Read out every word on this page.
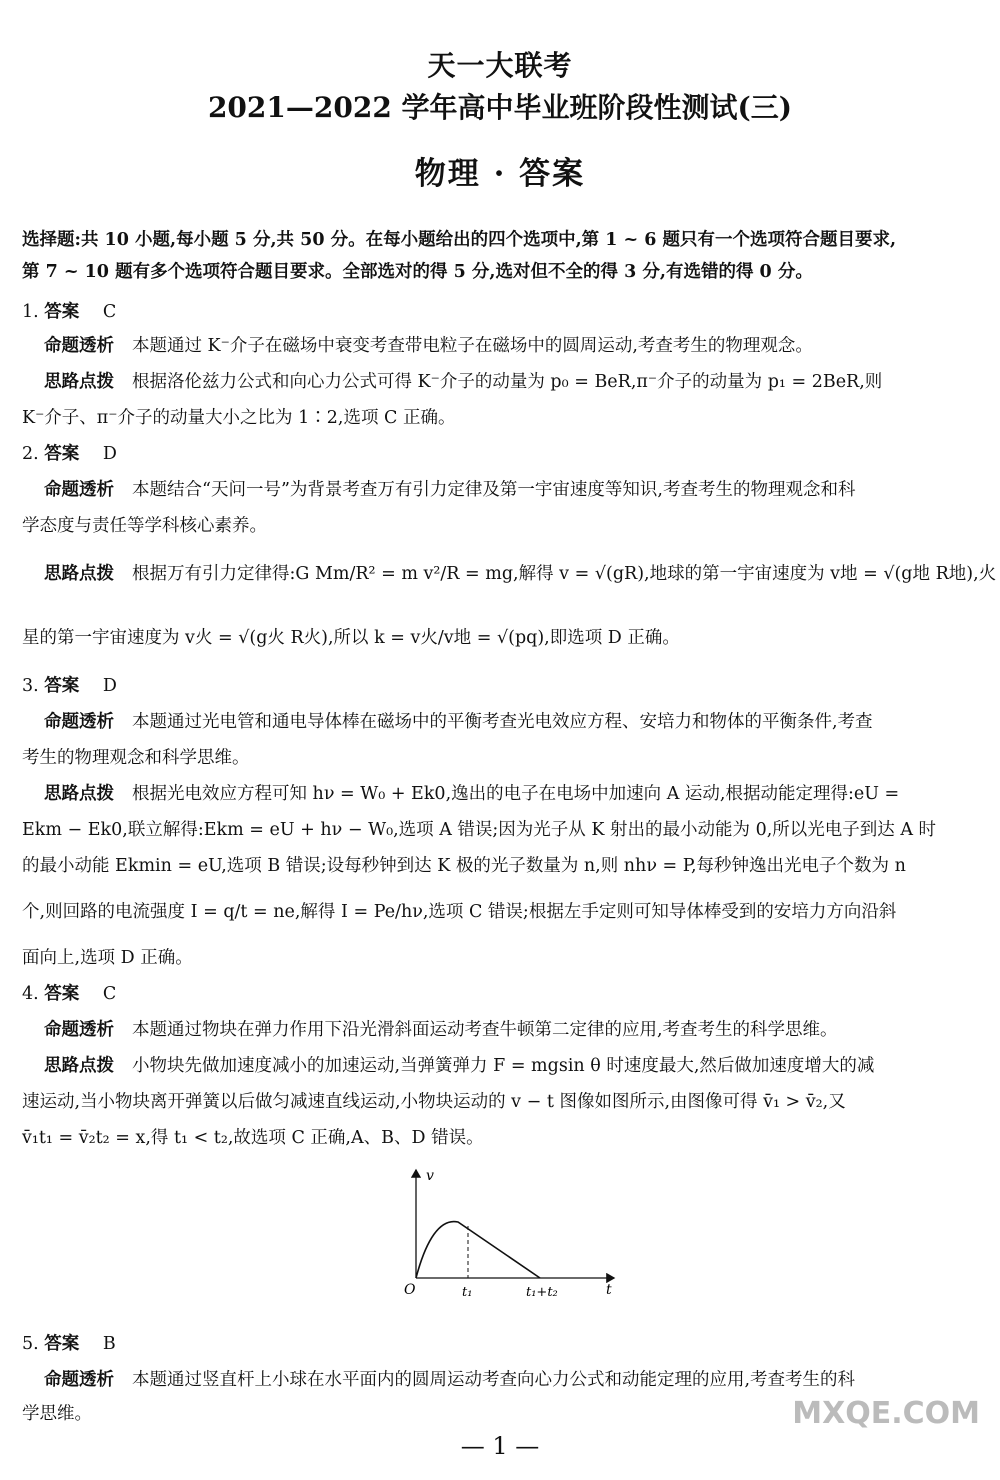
天一大联考
2021—2022 学年高中毕业班阶段性测试(三)
物理 · 答案
选择题:共 10 小题,每小题 5 分,共 50 分。在每小题给出的四个选项中,第 1 ~ 6 题只有一个选项符合题目要求,
第 7 ~ 10 题有多个选项符合题目要求。全部选对的得 5 分,选对但不全的得 3 分,有选错的得 0 分。
1. 答案 C
命题透析 本题通过 K⁻介子在磁场中衰变考查带电粒子在磁场中的圆周运动,考查考生的物理观念。
思路点拨 根据洛伦兹力公式和向心力公式可得 K⁻介子的动量为 p₀ = BeR,π⁻介子的动量为 p₁ = 2BeR,则
K⁻介子、π⁻介子的动量大小之比为 1∶2,选项 C 正确。
2. 答案 D
命题透析 本题结合“天问一号”为背景考查万有引力定律及第一宇宙速度等知识,考查考生的物理观念和科
学态度与责任等学科核心素养。
思路点拨 根据万有引力定律得:G Mm/R² = m v²/R = mg,解得 v = √(gR),地球的第一宇宙速度为 v地 = √(g地 R地),火
星的第一宇宙速度为 v火 = √(g火 R火),所以 k = v火/v地 = √(pq),即选项 D 正确。
3. 答案 D
命题透析 本题通过光电管和通电导体棒在磁场中的平衡考查光电效应方程、安培力和物体的平衡条件,考查
考生的物理观念和科学思维。
思路点拨 根据光电效应方程可知 hν = W₀ + Ek0,逸出的电子在电场中加速向 A 运动,根据动能定理得:eU =
Ekm − Ek0,联立解得:Ekm = eU + hν − W₀,选项 A 错误;因为光子从 K 射出的最小动能为 0,所以光电子到达 A 时
的最小动能 Ekmin = eU,选项 B 错误;设每秒钟到达 K 极的光子数量为 n,则 nhν = P,每秒钟逸出光电子个数为 n
个,则回路的电流强度 I = q/t = ne,解得 I = Pe/hν,选项 C 错误;根据左手定则可知导体棒受到的安培力方向沿斜
面向上,选项 D 正确。
4. 答案 C
命题透析 本题通过物块在弹力作用下沿光滑斜面运动考查牛顿第二定律的应用,考查考生的科学思维。
思路点拨 小物块先做加速度减小的加速运动,当弹簧弹力 F = mgsin θ 时速度最大,然后做加速度增大的减
速运动,当小物块离开弹簧以后做匀减速直线运动,小物块运动的 v − t 图像如图所示,由图像可得 v̄₁ > v̄₂,又
v̄₁t₁ = v̄₂t₂ = x,得 t₁ < t₂,故选项 C 正确,A、B、D 错误。
v
t
O	t₁	t₁+t₂
5. 答案 B
命题透析 本题通过竖直杆上小球在水平面内的圆周运动考查向心力公式和动能定理的应用,考查考生的科
学思维。
— 1 —
MXQE.COM
